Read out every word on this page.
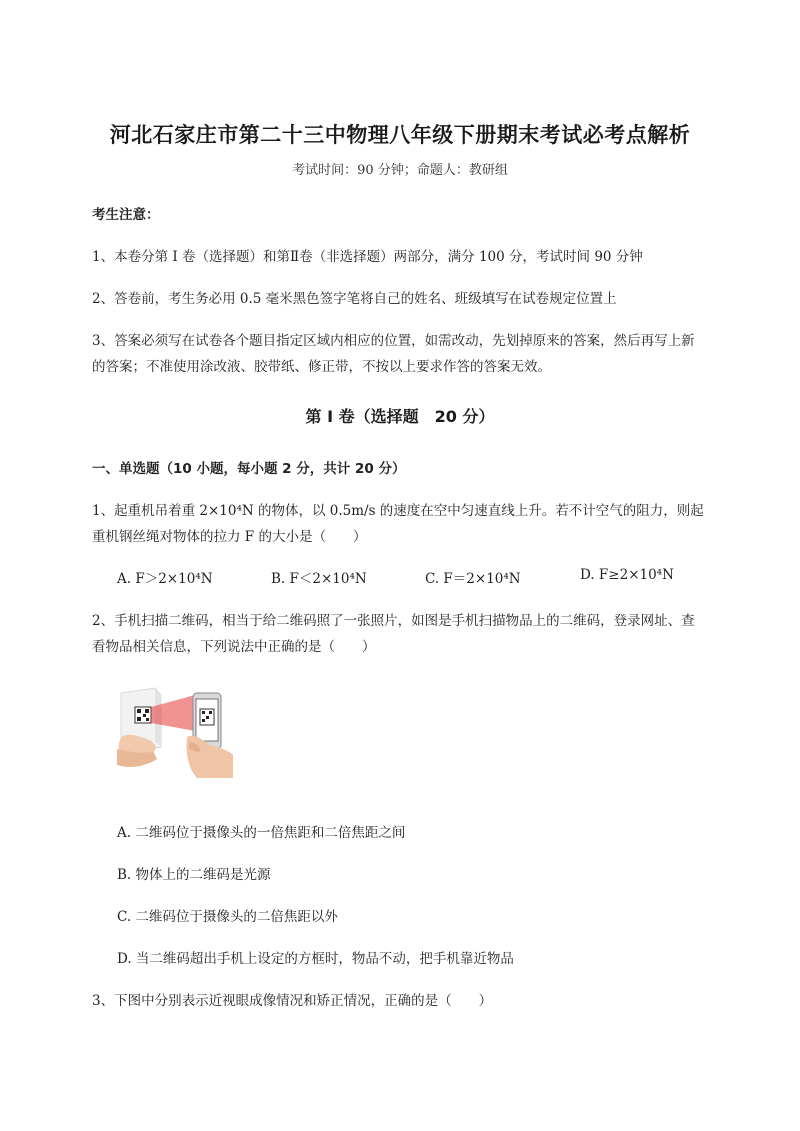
河北石家庄市第二十三中物理八年级下册期末考试必考点解析
考试时间：90 分钟；命题人：教研组
考生注意：
1、本卷分第 I 卷（选择题）和第Ⅱ卷（非选择题）两部分，满分 100 分，考试时间 90 分钟
2、答卷前，考生务必用 0.5 毫米黑色签字笔将自己的姓名、班级填写在试卷规定位置上
3、答案必须写在试卷各个题目指定区域内相应的位置，如需改动，先划掉原来的答案，然后再写上新
的答案；不准使用涂改液、胶带纸、修正带，不按以上要求作答的答案无效。
第 I 卷（选择题　20 分）
一、单选题（10 小题，每小题 2 分，共计 20 分）
1、起重机吊着重 2×10⁴N 的物体，以 0.5m/s 的速度在空中匀速直线上升。若不计空气的阻力，则起
重机钢丝绳对物体的拉力 F 的大小是（　　）
A. F＞2×10⁴N	B. F＜2×10⁴N	C. F＝2×10⁴N	D. F≥2×10⁴N
2、手机扫描二维码，相当于给二维码照了一张照片，如图是手机扫描物品上的二维码，登录网址、查
看物品相关信息，下列说法中正确的是（　　）
A. 二维码位于摄像头的一倍焦距和二倍焦距之间
B. 物体上的二维码是光源
C. 二维码位于摄像头的二倍焦距以外
D. 当二维码超出手机上设定的方框时，物品不动，把手机靠近物品
3、下图中分别表示近视眼成像情况和矫正情况，正确的是（　　）
